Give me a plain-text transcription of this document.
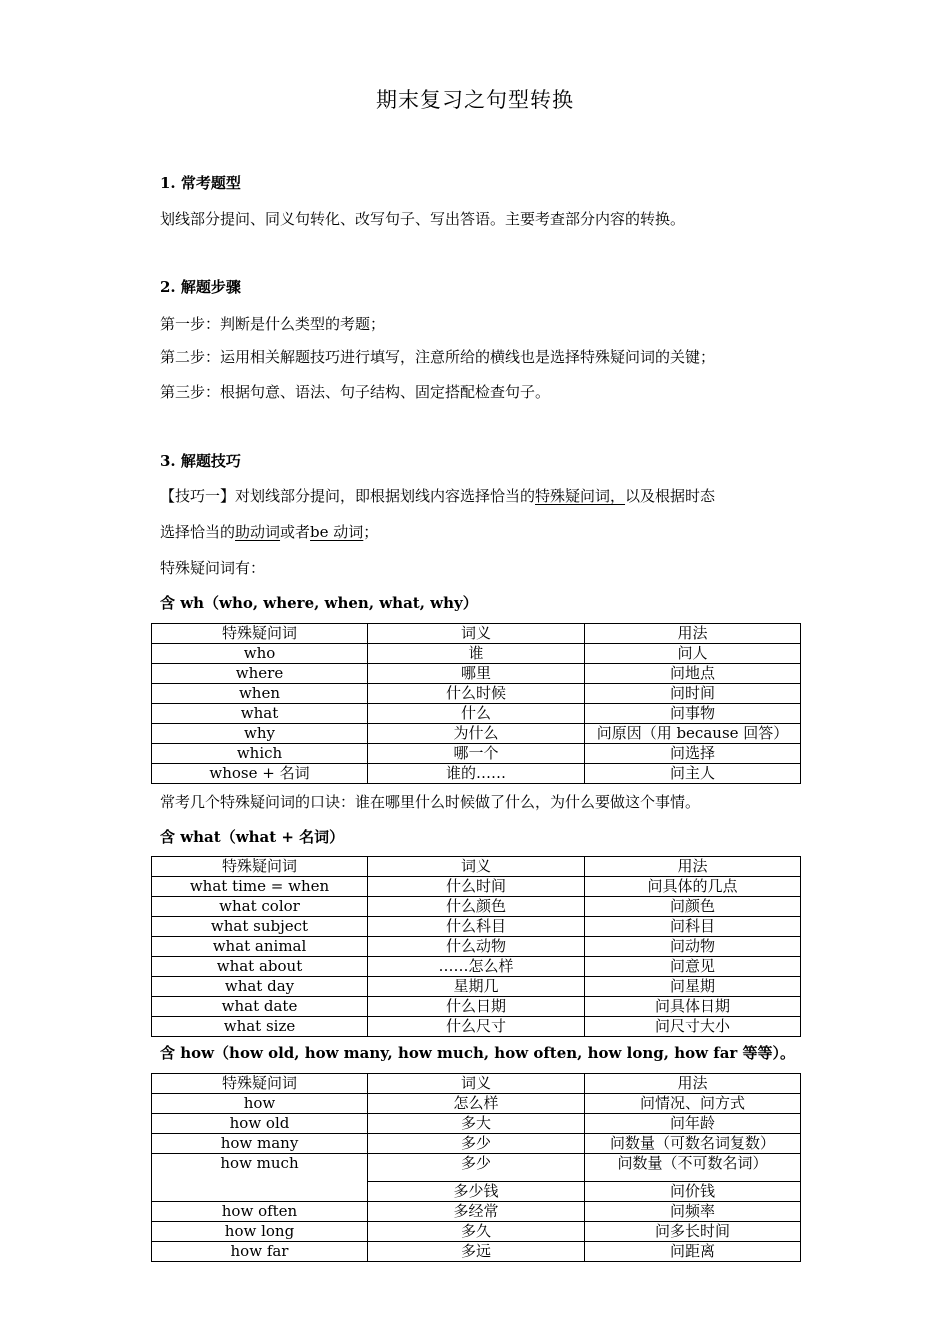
期末复习之句型转换
1. 常考题型
划线部分提问、同义句转化、改写句子、写出答语。主要考查部分内容的转换。
2. 解题步骤
第一步：判断是什么类型的考题；
第二步：运用相关解题技巧进行填写，注意所给的横线也是选择特殊疑问词的关键；
第三步：根据句意、语法、句子结构、固定搭配检查句子。
3. 解题技巧
【技巧一】对划线部分提问，即根据划线内容选择恰当的特殊疑问词，以及根据时态
选择恰当的助动词或者be 动词；
特殊疑问词有：
含 wh（who, where, when, what, why）
特殊疑问词	词义	用法
who	谁	问人
where	哪里	问地点
when	什么时候	问时间
what	什么	问事物
why	为什么	问原因（用 because 回答）
which	哪一个	问选择
whose + 名词	谁的……	问主人
常考几个特殊疑问词的口诀：谁在哪里什么时候做了什么，为什么要做这个事情。
含 what（what + 名词）
特殊疑问词	词义	用法
what time = when	什么时间	问具体的几点
what color	什么颜色	问颜色
what subject	什么科目	问科目
what animal	什么动物	问动物
what about	……怎么样	问意见
what day	星期几	问星期
what date	什么日期	问具体日期
what size	什么尺寸	问尺寸大小
含 how（how old, how many, how much, how often, how long, how far 等等）。
特殊疑问词	词义	用法
how	怎么样	问情况、问方式
how old	多大	问年龄
how many	多少	问数量（可数名词复数）
how much	多少	问数量（不可数名词）
	多少钱	问价钱
how often	多经常	问频率
how long	多久	问多长时间
how far	多远	问距离
